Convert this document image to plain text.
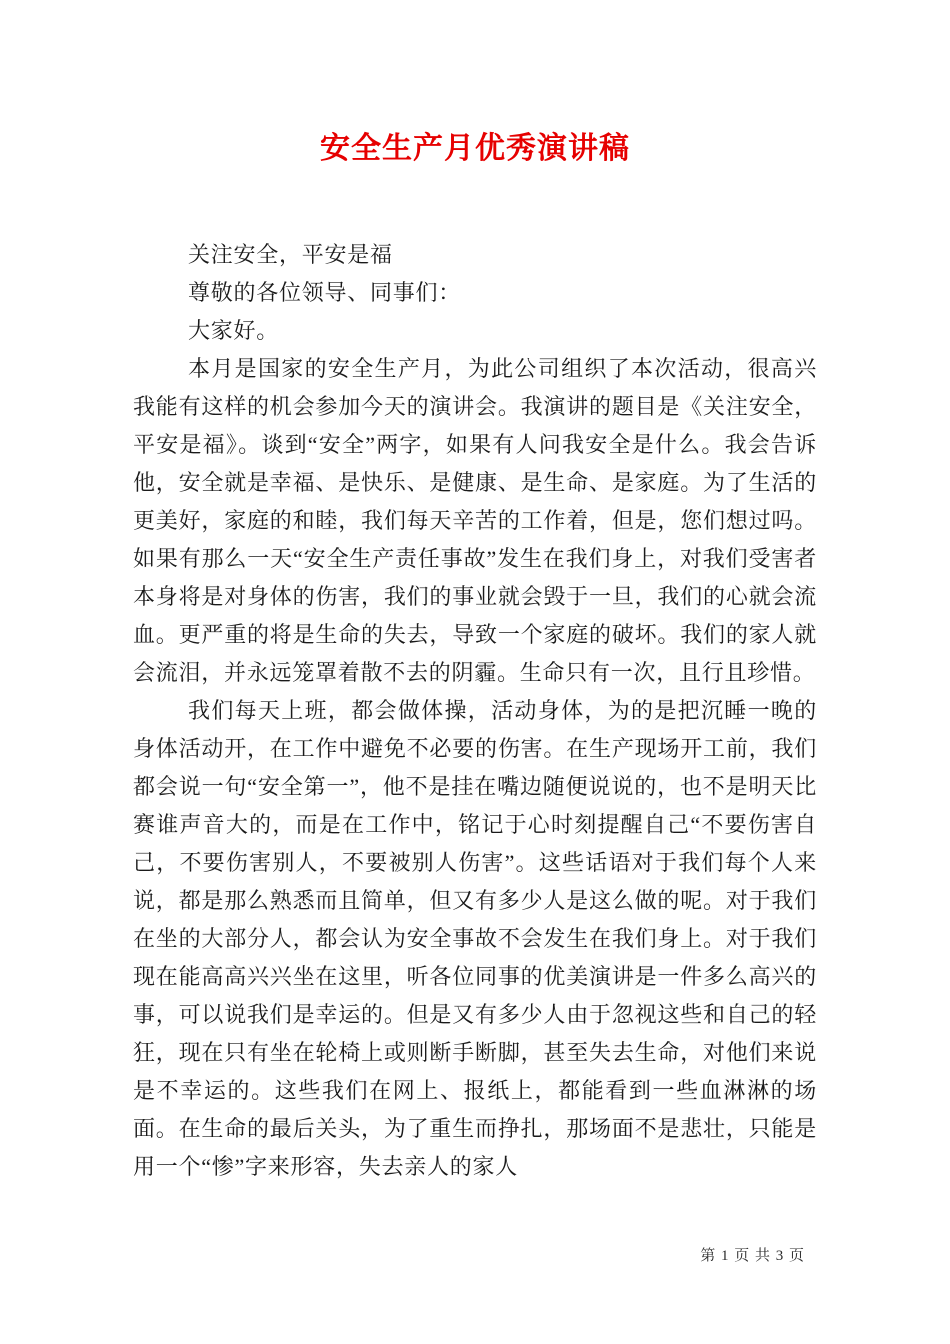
安全生产月优秀演讲稿

关注安全，平安是福

尊敬的各位领导、同事们：

大家好。

本月是国家的安全生产月，为此公司组织了本次活动，很高兴我能有这样的机会参加今天的演讲会。我演讲的题目是《关注安全，平安是福》。谈到“安全”两字，如果有人问我安全是什么。我会告诉他，安全就是幸福、是快乐、是健康、是生命、是家庭。为了生活的更美好，家庭的和睦，我们每天辛苦的工作着，但是，您们想过吗。如果有那么一天“安全生产责任事故”发生在我们身上，对我们受害者本身将是对身体的伤害，我们的事业就会毁于一旦，我们的心就会流血。更严重的将是生命的失去，导致一个家庭的破坏。我们的家人就会流泪，并永远笼罩着散不去的阴霾。生命只有一次，且行且珍惜。

我们每天上班，都会做体操，活动身体，为的是把沉睡一晚的身体活动开，在工作中避免不必要的伤害。在生产现场开工前，我们都会说一句“安全第一”，他不是挂在嘴边随便说说的，也不是明天比赛谁声音大的，而是在工作中，铭记于心时刻提醒自己“不要伤害自己，不要伤害别人，不要被别人伤害”。这些话语对于我们每个人来说，都是那么熟悉而且简单，但又有多少人是这么做的呢。对于我们在坐的大部分人，都会认为安全事故不会发生在我们身上。对于我们现在能高高兴兴坐在这里，听各位同事的优美演讲是一件多么高兴的事，可以说我们是幸运的。但是又有多少人由于忽视这些和自己的轻狂，现在只有坐在轮椅上或则断手断脚，甚至失去生命，对他们来说是不幸运的。这些我们在网上、报纸上，都能看到一些血淋淋的场面。在生命的最后关头，为了重生而挣扎，那场面不是悲壮，只能是用一个“惨”字来形容，失去亲人的家人

第 1 页 共 3 页
